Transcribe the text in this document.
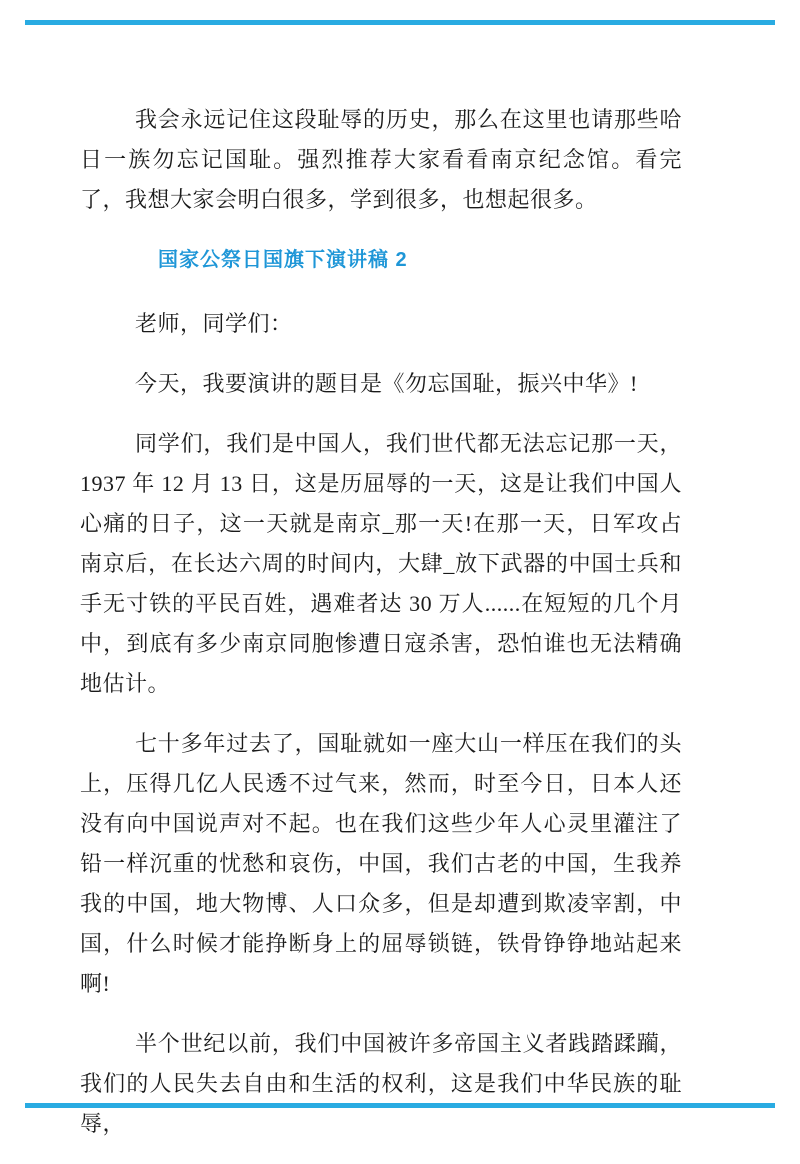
我会永远记住这段耻辱的历史，那么在这里也请那些哈日一族勿忘记国耻。强烈推荐大家看看南京纪念馆。看完了，我想大家会明白很多，学到很多，也想起很多。

国家公祭日国旗下演讲稿 2

老师，同学们：

今天，我要演讲的题目是《勿忘国耻，振兴中华》!

同学们，我们是中国人，我们世代都无法忘记那一天，1937 年 12 月 13 日，这是历屈辱的一天，这是让我们中国人心痛的日子，这一天就是南京_那一天!在那一天，日军攻占南京后，在长达六周的时间内，大肆_放下武器的中国士兵和手无寸铁的平民百姓，遇难者达 30 万人......在短短的几个月中，到底有多少南京同胞惨遭日寇杀害，恐怕谁也无法精确地估计。

七十多年过去了，国耻就如一座大山一样压在我们的头上，压得几亿人民透不过气来，然而，时至今日，日本人还没有向中国说声对不起。也在我们这些少年人心灵里灌注了铅一样沉重的忧愁和哀伤，中国，我们古老的中国，生我养我的中国，地大物博、人口众多，但是却遭到欺凌宰割，中国，什么时候才能挣断身上的屈辱锁链，铁骨铮铮地站起来啊!

半个世纪以前，我们中国被许多帝国主义者践踏蹂躏，我们的人民失去自由和生活的权利，这是我们中华民族的耻辱，
